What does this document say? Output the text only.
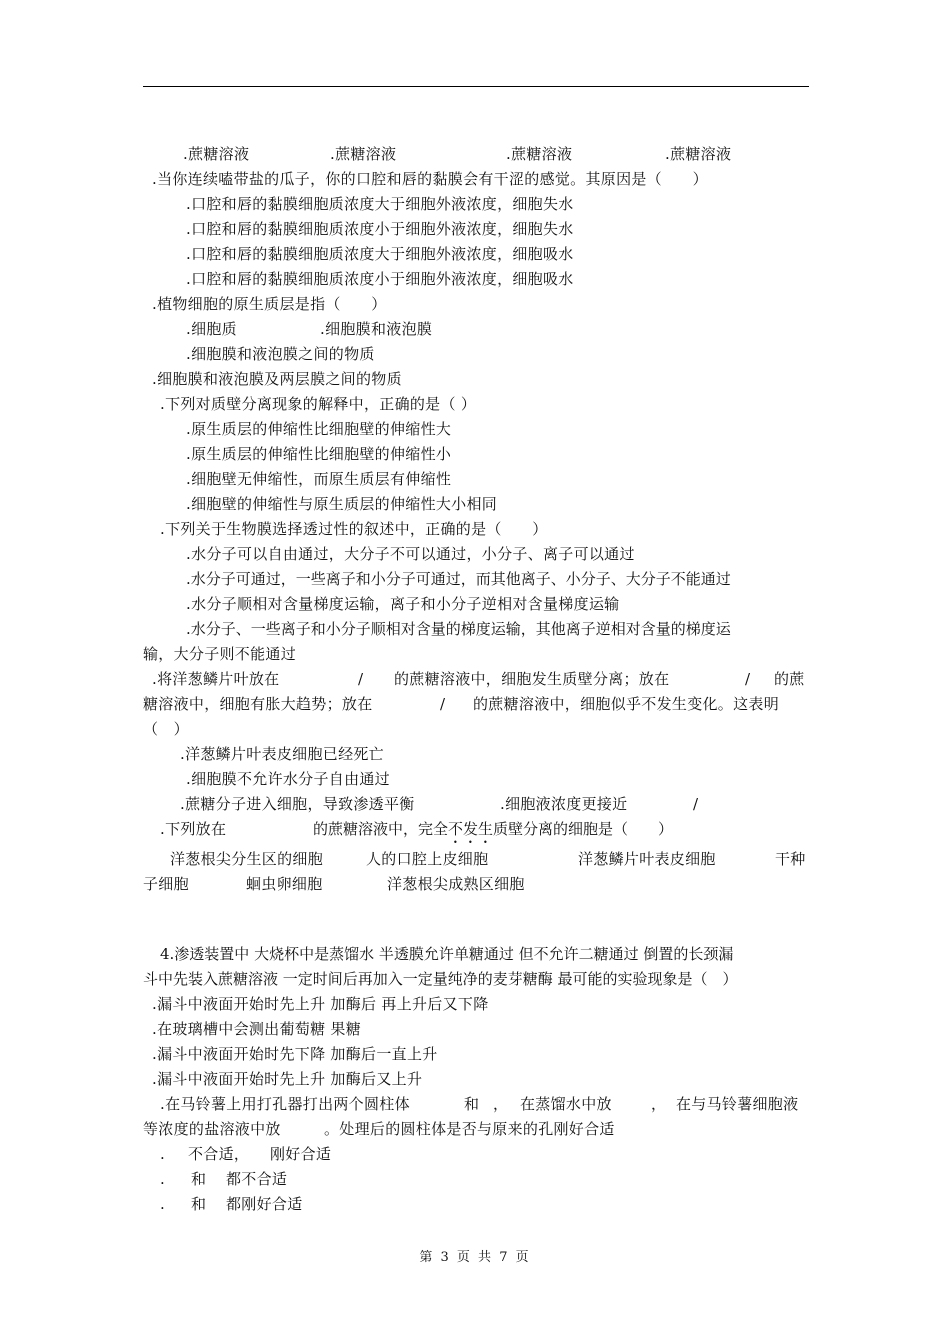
.蔗糖溶液	.蔗糖溶液	.蔗糖溶液	.蔗糖溶液
.当你连续嗑带盐的瓜子，你的口腔和唇的黏膜会有干涩的感觉。其原因是（　　）
.口腔和唇的黏膜细胞质浓度大于细胞外液浓度，细胞失水
.口腔和唇的黏膜细胞质浓度小于细胞外液浓度，细胞失水
.口腔和唇的黏膜细胞质浓度大于细胞外液浓度，细胞吸水
.口腔和唇的黏膜细胞质浓度小于细胞外液浓度，细胞吸水
.植物细胞的原生质层是指（　　）
.细胞质	.细胞膜和液泡膜
.细胞膜和液泡膜之间的物质
.细胞膜和液泡膜及两层膜之间的物质
.下列对质壁分离现象的解释中，正确的是（ ）
.原生质层的伸缩性比细胞壁的伸缩性大
.原生质层的伸缩性比细胞壁的伸缩性小
.细胞壁无伸缩性，而原生质层有伸缩性
.细胞壁的伸缩性与原生质层的伸缩性大小相同
.下列关于生物膜选择透过性的叙述中，正确的是（　　）
.水分子可以自由通过，大分子不可以通过，小分子、离子可以通过
.水分子可通过，一些离子和小分子可通过，而其他离子、小分子、大分子不能通过
.水分子顺相对含量梯度运输，离子和小分子逆相对含量梯度运输
.水分子、一些离子和小分子顺相对含量的梯度运输，其他离子逆相对含量的梯度运
输，大分子则不能通过
.将洋葱鳞片叶放在	/ 的蔗糖溶液中，细胞发生质壁分离；放在	/ 的蔗
糖溶液中，细胞有胀大趋势；放在	/ 的蔗糖溶液中，细胞似乎不发生变化。这表明
（　）
.洋葱鳞片叶表皮细胞已经死亡
.细胞膜不允许水分子自由通过
.蔗糖分子进入细胞，导致渗透平衡	.细胞液浓度更接近	/
.下列放在	的蔗糖溶液中，完全不发生质壁分离的细胞是（　　）
洋葱根尖分生区的细胞	人的口腔上皮细胞	洋葱鳞片叶表皮细胞	干种
子细胞	蛔虫卵细胞	洋葱根尖成熟区细胞
4.渗透装置中 大烧杯中是蒸馏水 半透膜允许单糖通过 但不允许二糖通过 倒置的长颈漏
斗中先装入蔗糖溶液 一定时间后再加入一定量纯净的麦芽糖酶 最可能的实验现象是（　）
.漏斗中液面开始时先上升 加酶后 再上升后又下降
.在玻璃槽中会测出葡萄糖 果糖
.漏斗中液面开始时先下降 加酶后一直上升
.漏斗中液面开始时先上升 加酶后又上升
.在马铃薯上用打孔器打出两个圆柱体	和 ， 在蒸馏水中放	， 在与马铃薯细胞液
等浓度的盐溶液中放	。处理后的圆柱体是否与原来的孔刚好合适
. 不合适， 刚好合适
. 和 都不合适
. 和 都刚好合适
第 3 页 共 7 页
